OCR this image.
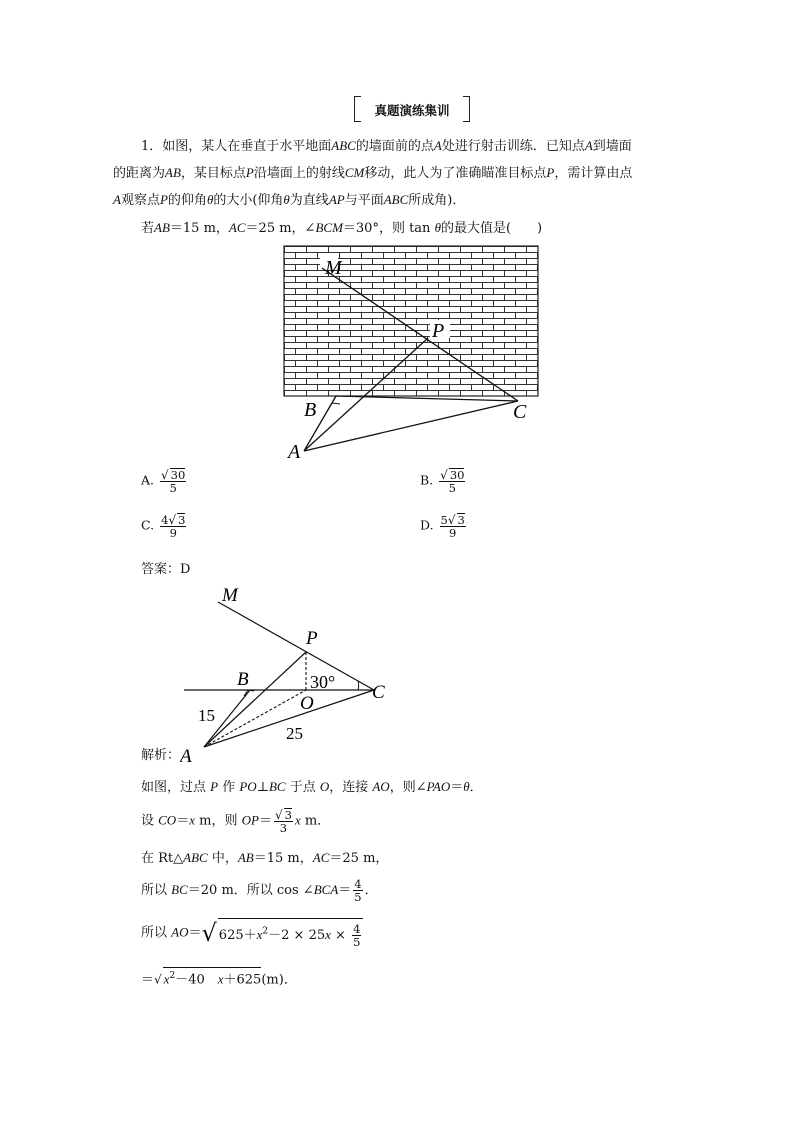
真题演练集训
1．如图，某人在垂直于水平地面ABC的墙面前的点A处进行射击训练．已知点A到墙面
的距离为AB，某目标点P沿墙面上的射线CM移动，此人为了准确瞄准目标点P，需计算由点
A观察点P的仰角θ的大小(仰角θ为直线AP与平面ABC所成角)．
若AB＝15 m，AC＝25 m，∠BCM＝30°，则 tan θ的最大值是(　　)
M
P
B	C
A
A. $\frac{√ 30}{5}$	B. $\frac{√ 30}{5}$
C. $\frac{4√ 3}{9}$	D. $\frac{5√ 3}{9}$
答案：D
M
P
B
C
O
A
30°
15
25
解析：
如图，过点 P 作 PO⊥BC 于点 O，连接 AO，则∠PAO＝θ．
设 CO＝x m，则 $OP= \frac{√ 3}{3}$ x m．
在 Rt△ABC 中，AB＝15 m，AC＝25 m，
所以 BC＝20 m．所以 cos ∠BCA＝ $\frac{4}{5}$ ．
所以 AO＝√ $625+x^2-2 \times 25x \times \frac{4}{5}$
＝√ $x^2-40$　x＋625(m)．
